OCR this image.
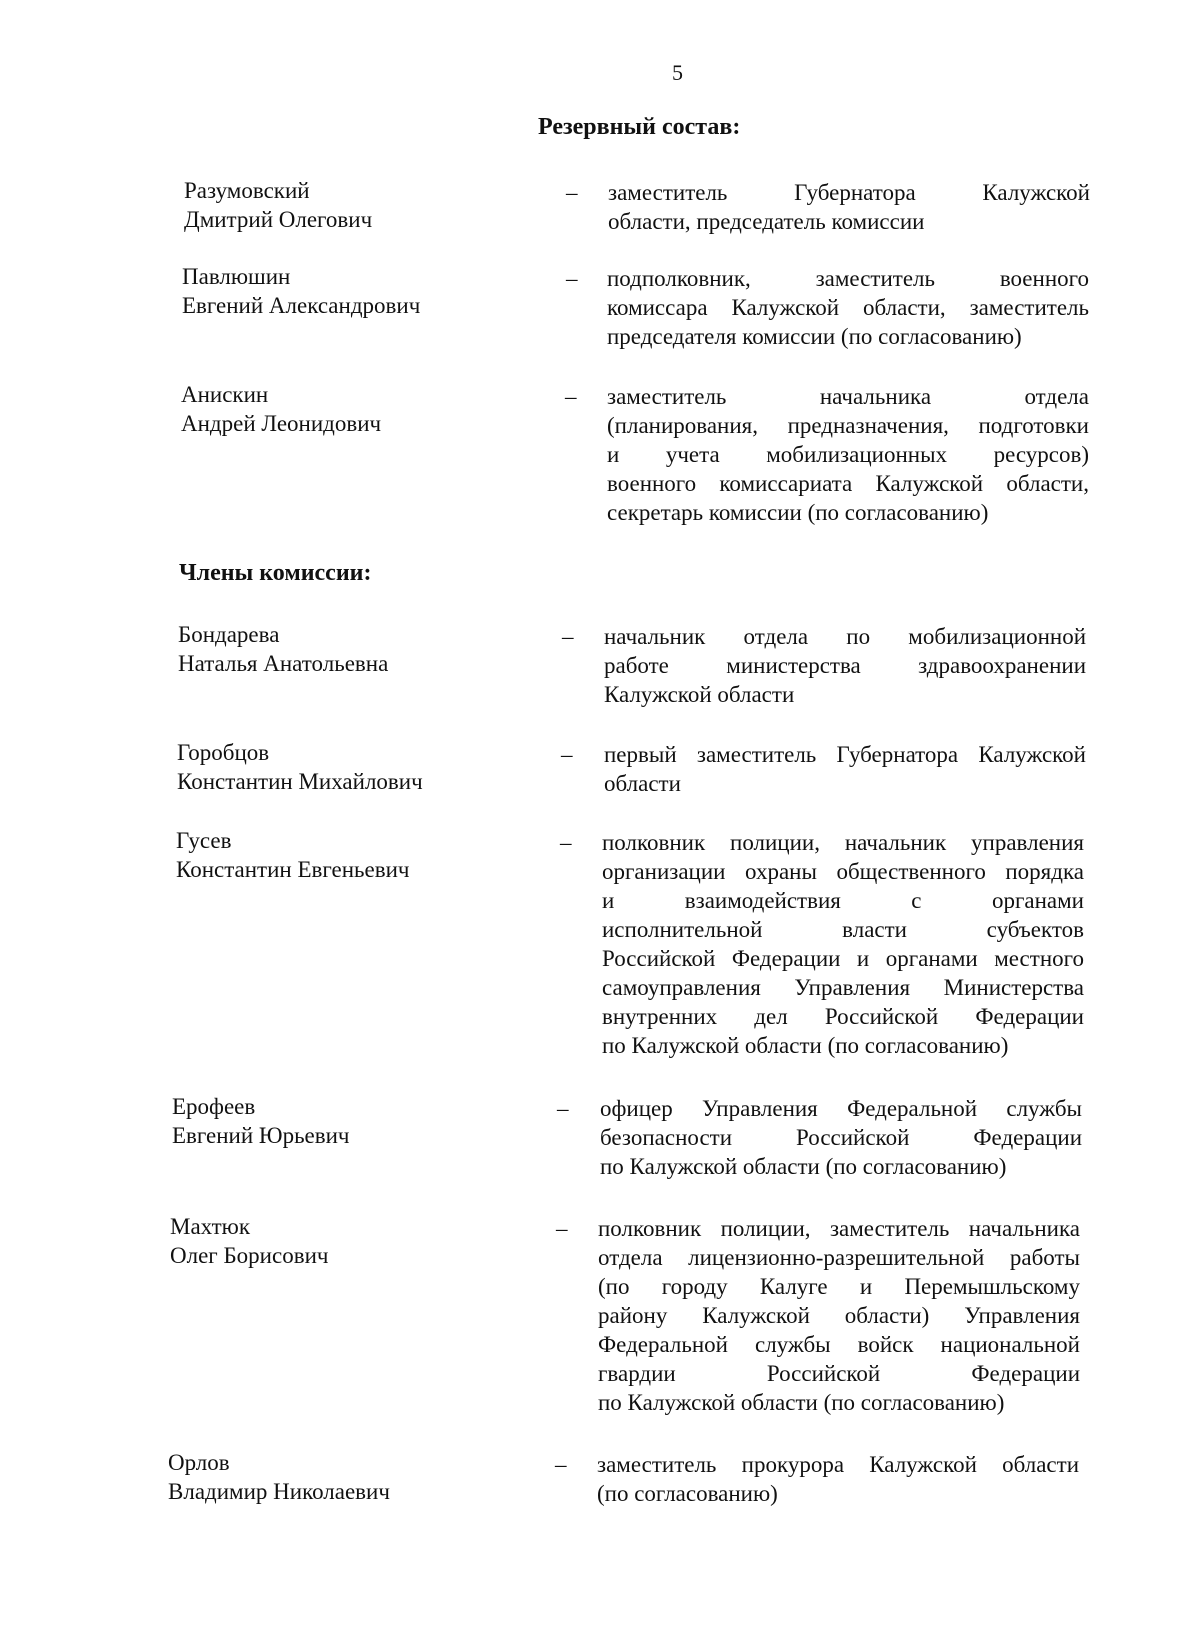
5
Резервный состав:
Разумовский
Дмитрий Олегович
– заместитель Губернатора Калужской
области, председатель комиссии
Павлюшин
Евгений Александрович
– подполковник, заместитель военного
комиссара Калужской области, заместитель
председателя комиссии (по согласованию)
Анискин
Андрей Леонидович
– заместитель начальника отдела
(планирования, предназначения, подготовки
и учета мобилизационных ресурсов)
военного комиссариата Калужской области,
секретарь комиссии (по согласованию)
Члены комиссии:
Бондарева
Наталья Анатольевна
– начальник отдела по мобилизационной
работе министерства здравоохранении
Калужской области
Горобцов
Константин Михайлович
– первый заместитель Губернатора Калужской
области
Гусев
Константин Евгеньевич
– полковник полиции, начальник управления
организации охраны общественного порядка
и взаимодействия с органами
исполнительной власти субъектов
Российской Федерации и органами местного
самоуправления Управления Министерства
внутренних дел Российской Федерации
по Калужской области (по согласованию)
Ерофеев
Евгений Юрьевич
– офицер Управления Федеральной службы
безопасности Российской Федерации
по Калужской области (по согласованию)
Махтюк
Олег Борисович
– полковник полиции, заместитель начальника
отдела лицензионно-разрешительной работы
(по городу Калуге и Перемышльскому
району Калужской области) Управления
Федеральной службы войск национальной
гвардии Российской Федерации
по Калужской области (по согласованию)
Орлов
Владимир Николаевич
– заместитель прокурора Калужской области
(по согласованию)
